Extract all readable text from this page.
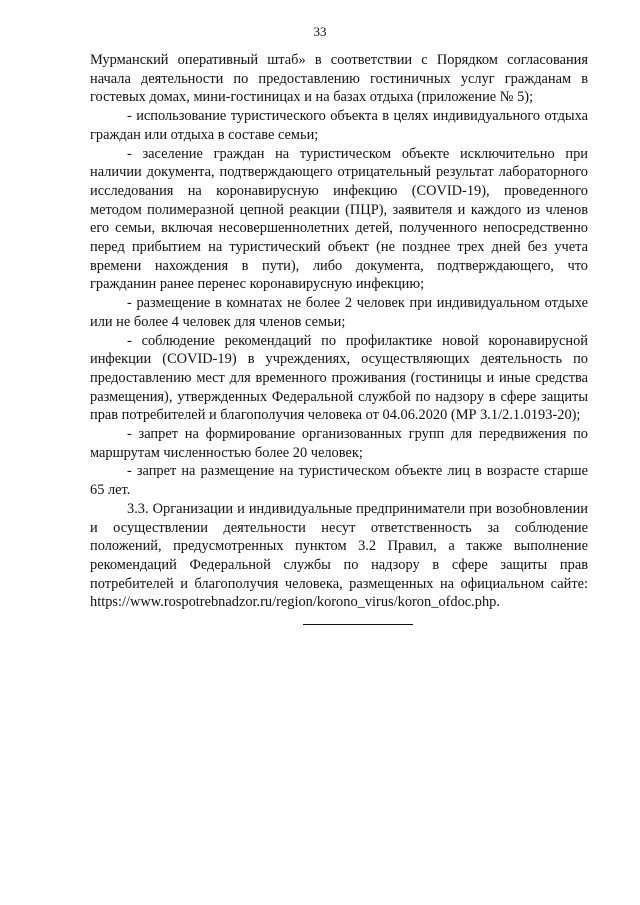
33

Мурманский оперативный штаб» в соответствии с Порядком согласования начала деятельности по предоставлению гостиничных услуг гражданам в гостевых домах, мини-гостиницах и на базах отдыха (приложение № 5);

- использование туристического объекта в целях индивидуального отдыха граждан или отдыха в составе семьи;

- заселение граждан на туристическом объекте исключительно при наличии документа, подтверждающего отрицательный результат лабораторного исследования на коронавирусную инфекцию (COVID-19), проведенного методом полимеразной цепной реакции (ПЦР), заявителя и каждого из членов его семьи, включая несовершеннолетних детей, полученного непосредственно перед прибытием на туристический объект (не позднее трех дней без учета времени нахождения в пути), либо документа, подтверждающего, что гражданин ранее перенес коронавирусную инфекцию;

- размещение в комнатах не более 2 человек при индивидуальном отдыхе или не более 4 человек для членов семьи;

- соблюдение рекомендаций по профилактике новой коронавирусной инфекции (COVID-19) в учреждениях, осуществляющих деятельность по предоставлению мест для временного проживания (гостиницы и иные средства размещения), утвержденных Федеральной службой по надзору в сфере защиты прав потребителей и благополучия человека от 04.06.2020 (МР 3.1/2.1.0193-20);

- запрет на формирование организованных групп для передвижения по маршрутам численностью более 20 человек;

- запрет на размещение на туристическом объекте лиц в возрасте старше 65 лет.

3.3. Организации и индивидуальные предприниматели при возобновлении и осуществлении деятельности несут ответственность за соблюдение положений, предусмотренных пунктом 3.2 Правил, а также выполнение рекомендаций Федеральной службы по надзору в сфере защиты прав потребителей и благополучия человека, размещенных на официальном сайте: https://www.rospotrebnadzor.ru/region/korono_virus/koron_ofdoc.php.
